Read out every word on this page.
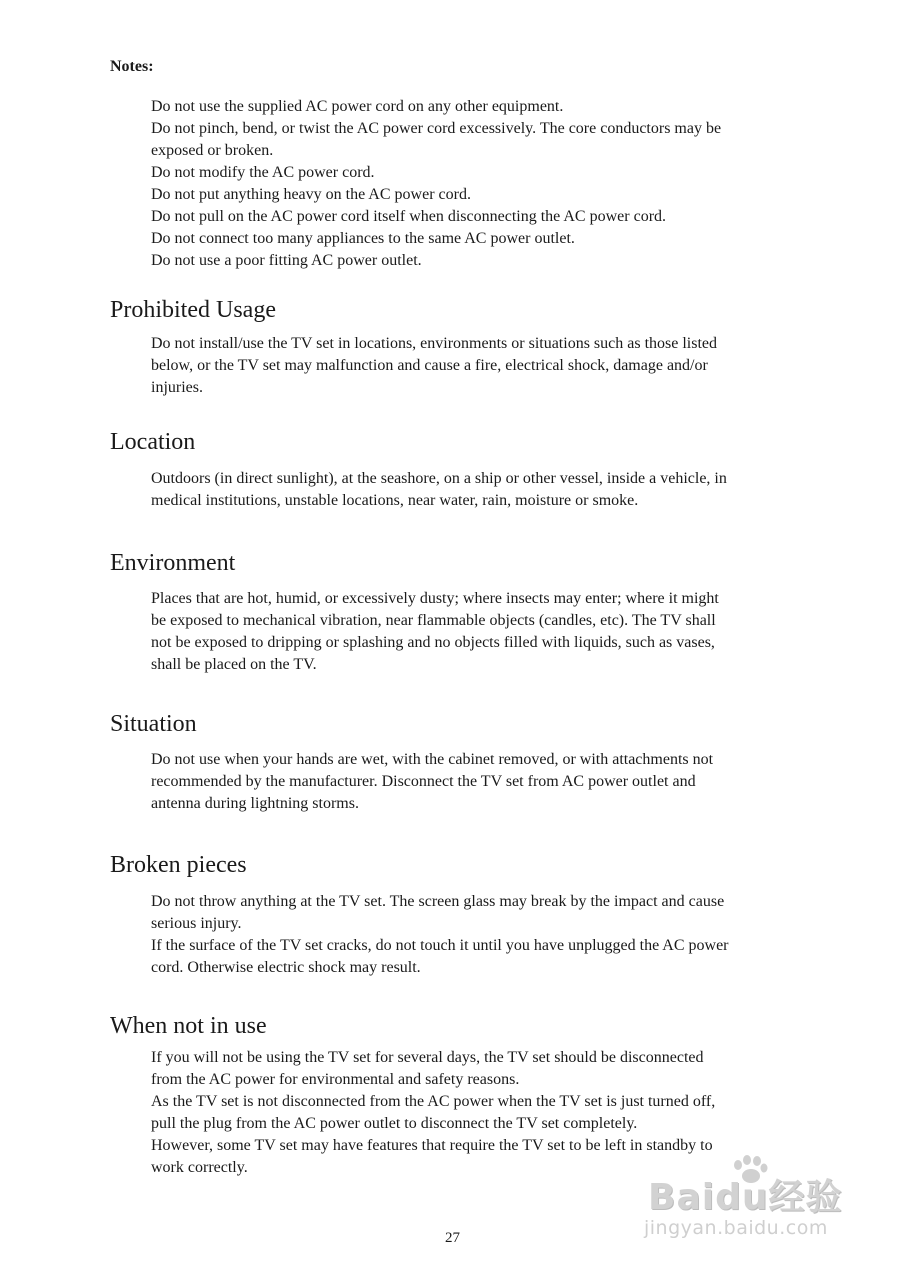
Notes:

Do not use the supplied AC power cord on any other equipment.
Do not pinch, bend, or twist the AC power cord excessively. The core conductors may be
exposed or broken.
Do not modify the AC power cord.
Do not put anything heavy on the AC power cord.
Do not pull on the AC power cord itself when disconnecting the AC power cord.
Do not connect too many appliances to the same AC power outlet.
Do not use a poor fitting AC power outlet.
Prohibited Usage
Do not install/use the TV set in locations, environments or situations such as those listed
below, or the TV set may malfunction and cause a fire, electrical shock, damage and/or
injuries.
Location
Outdoors (in direct sunlight), at the seashore, on a ship or other vessel, inside a vehicle, in
medical institutions, unstable locations, near water, rain, moisture or smoke.
Environment
Places that are hot, humid, or excessively dusty; where insects may enter; where it might
be exposed to mechanical vibration, near flammable objects (candles, etc). The TV shall
not be exposed to dripping or splashing and no objects filled with liquids, such as vases,
shall be placed on the TV.
Situation
Do not use when your hands are wet, with the cabinet removed, or with attachments not
recommended by the manufacturer. Disconnect the TV set from AC power outlet and
antenna during lightning storms.
Broken pieces
Do not throw anything at the TV set. The screen glass may break by the impact and cause
serious injury.
If the surface of the TV set cracks, do not touch it until you have unplugged the AC power
cord. Otherwise electric shock may result.
When not in use
If you will not be using the TV set for several days, the TV set should be disconnected
from the AC power for environmental and safety reasons.
As the TV set is not disconnected from the AC power when the TV set is just turned off,
pull the plug from the AC power outlet to disconnect the TV set completely.
However, some TV set may have features that require the TV set to be left in standby to
work correctly.
Baidu经验
jingyan.baidu.com

27
